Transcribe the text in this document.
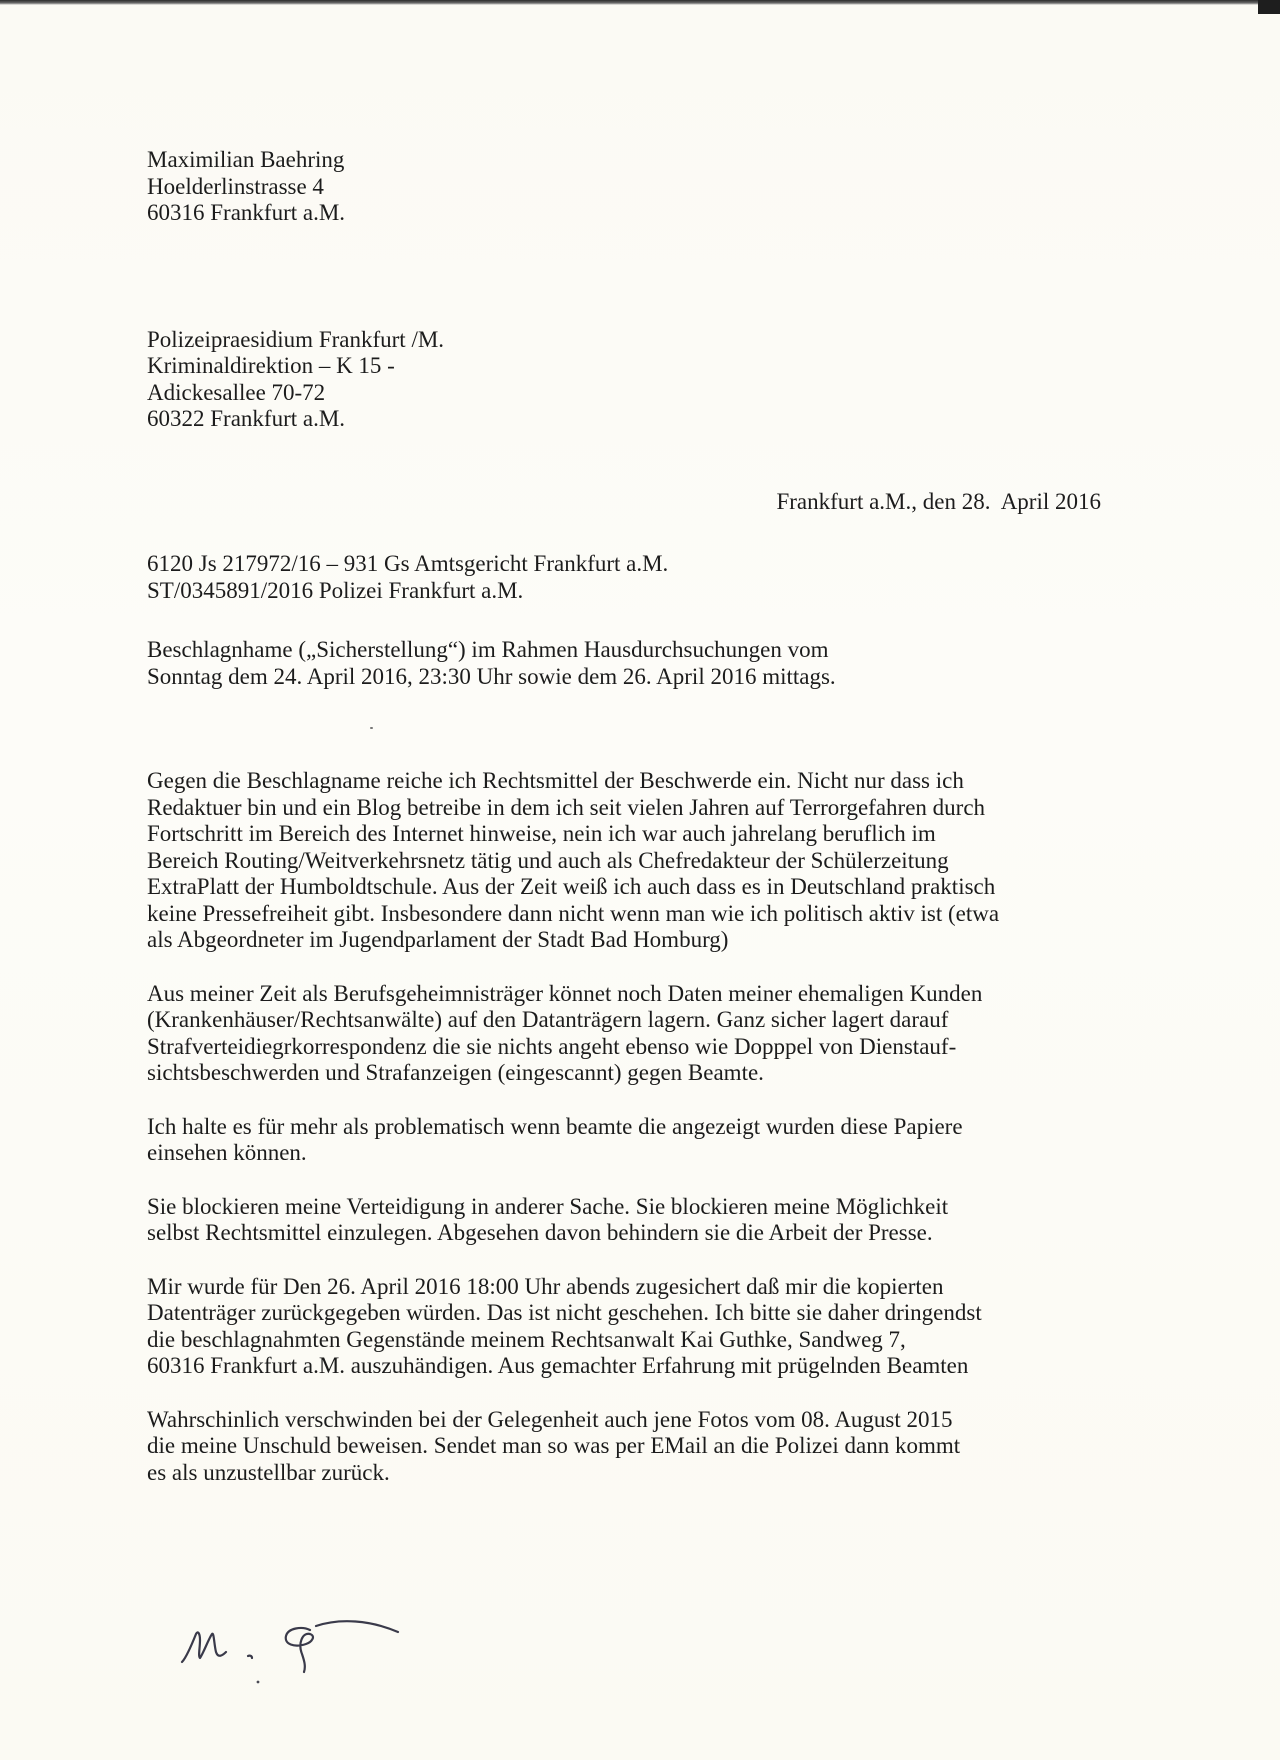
Maximilian Baehring

Hoelderlinstrasse 4

60316 Frankfurt a.M.

Polizeipraesidium Frankfurt /M.

Kriminaldirektion – K 15 -

Adickesallee 70-72

60322 Frankfurt a.M.

Frankfurt a.M., den 28.  April 2016

6120 Js 217972/16 – 931 Gs Amtsgericht Frankfurt a.M.

ST/0345891/2016 Polizei Frankfurt a.M.

Beschlagnhame („Sicherstellung“) im Rahmen Hausdurchsuchungen vom

Sonntag dem 24. April 2016, 23:30 Uhr sowie dem 26. April 2016 mittags.

Gegen die Beschlagname reiche ich Rechtsmittel der Beschwerde ein. Nicht nur dass ich

Redaktuer bin und ein Blog betreibe in dem ich seit vielen Jahren auf Terrorgefahren durch

Fortschritt im Bereich des Internet hinweise, nein ich war auch jahrelang beruflich im

Bereich Routing/Weitverkehrsnetz tätig und auch als Chefredakteur der Schülerzeitung

ExtraPlatt der Humboldtschule. Aus der Zeit weiß ich auch dass es in Deutschland praktisch

keine Pressefreiheit gibt. Insbesondere dann nicht wenn man wie ich politisch aktiv ist (etwa

als Abgeordneter im Jugendparlament der Stadt Bad Homburg)

Aus meiner Zeit als Berufsgeheimnisträger könnet noch Daten meiner ehemaligen Kunden

(Krankenhäuser/Rechtsanwälte) auf den Datanträgern lagern. Ganz sicher lagert darauf

Strafverteidiegrkorrespondenz die sie nichts angeht ebenso wie Dopppel von Dienstauf-

sichtsbeschwerden und Strafanzeigen (eingescannt) gegen Beamte.

Ich halte es für mehr als problematisch wenn beamte die angezeigt wurden diese Papiere

einsehen können.

Sie blockieren meine Verteidigung in anderer Sache. Sie blockieren meine Möglichkeit

selbst Rechtsmittel einzulegen. Abgesehen davon behindern sie die Arbeit der Presse.

Mir wurde für Den 26. April 2016 18:00 Uhr abends zugesichert daß mir die kopierten

Datenträger zurückgegeben würden. Das ist nicht geschehen. Ich bitte sie daher dringendst

die beschlagnahmten Gegenstände meinem Rechtsanwalt Kai Guthke, Sandweg 7,

60316 Frankfurt a.M. auszuhändigen. Aus gemachter Erfahrung mit prügelnden Beamten

Wahrschinlich verschwinden bei der Gelegenheit auch jene Fotos vom 08. August 2015

die meine Unschuld beweisen. Sendet man so was per EMail an die Polizei dann kommt

es als unzustellbar zurück.
